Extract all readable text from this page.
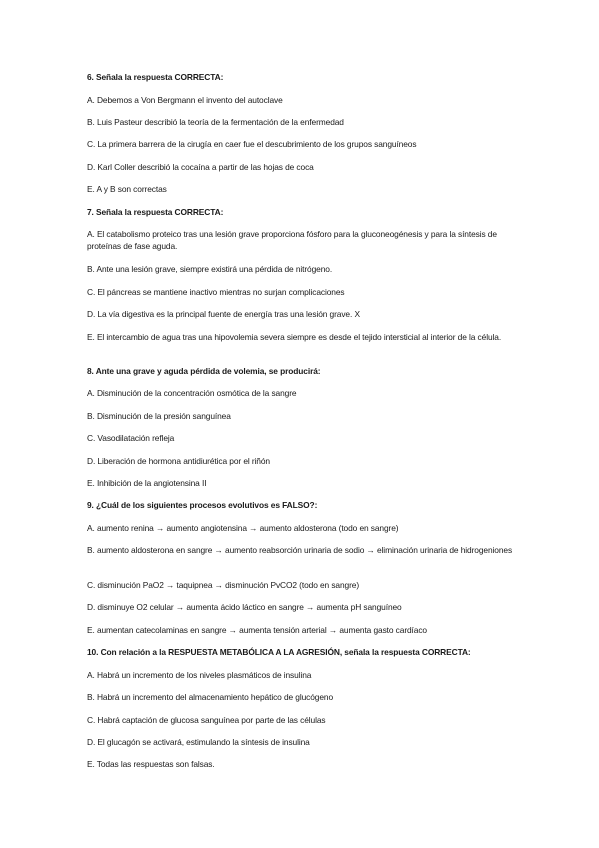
6. Señala la respuesta CORRECTA:
A. Debemos a Von Bergmann el invento del autoclave
B. Luis Pasteur describió la teoría de la fermentación de la enfermedad
C. La primera barrera de la cirugía en caer fue el descubrimiento de los grupos sanguíneos
D. Karl Coller describió la cocaína a partir de las hojas de coca
E. A y B son correctas
7. Señala la respuesta CORRECTA:
A. El catabolismo proteico tras una lesión grave proporciona fósforo para la gluconeogénesis y para la síntesis de proteínas de fase aguda.
B. Ante una lesión grave, siempre existirá una pérdida de nitrógeno.
C. El páncreas se mantiene inactivo mientras no surjan complicaciones
D. La vía digestiva es la principal fuente de energía tras una lesión grave. X
E. El intercambio de agua tras una hipovolemia severa siempre es desde el tejido intersticial al interior de la célula.
8. Ante una grave y aguda pérdida de volemia, se producirá:
A. Disminución de la concentración osmótica de la sangre
B. Disminución de la presión sanguínea
C. Vasodilatación refleja
D. Liberación de hormona antidiurética por el riñón
E. Inhibición de la angiotensina II
9. ¿Cuál de los siguientes procesos evolutivos es FALSO?:
A. aumento renina → aumento angiotensina → aumento aldosterona (todo en sangre)
B. aumento aldosterona en sangre → aumento reabsorción urinaria de sodio → eliminación urinaria de hidrogeniones
C. disminución PaO2 → taquipnea → disminución PvCO2 (todo en sangre)
D. disminuye O2 celular → aumenta ácido láctico en sangre → aumenta pH sanguíneo
E. aumentan catecolaminas en sangre → aumenta tensión arterial → aumenta gasto cardíaco
10. Con relación a la RESPUESTA METABÓLICA A LA AGRESIÓN, señala la respuesta CORRECTA:
A. Habrá un incremento de los niveles plasmáticos de insulina
B. Habrá un incremento del almacenamiento hepático de glucógeno
C. Habrá captación de glucosa sanguínea por parte de las células
D. El glucagón se activará, estimulando la síntesis de insulina
E. Todas las respuestas son falsas.
